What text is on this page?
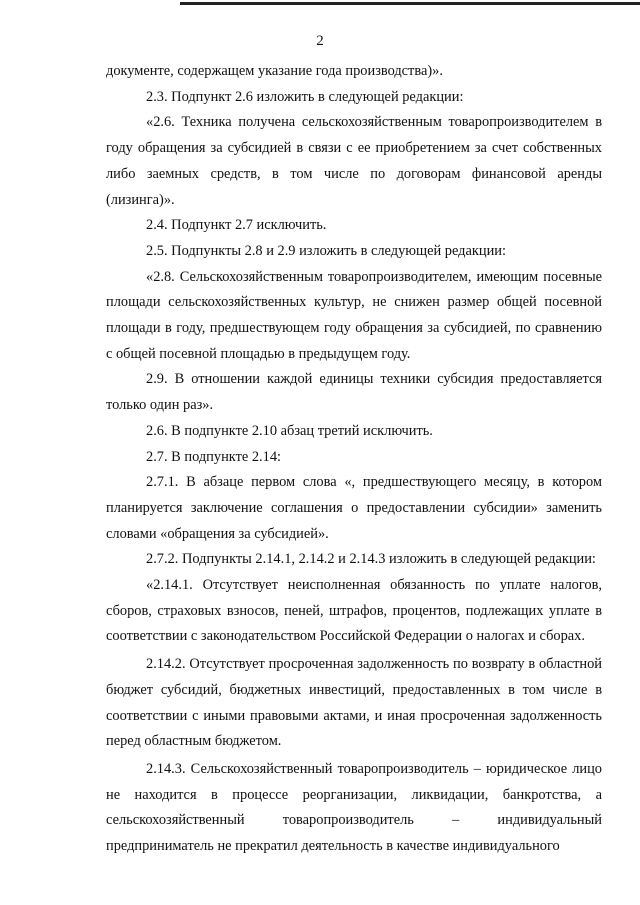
2

документе, содержащем указание года производства)».

2.3. Подпункт 2.6 изложить в следующей редакции:

«2.6. Техника получена сельскохозяйственным товаропроизводителем в году обращения за субсидией в связи с ее приобретением за счет собственных либо заемных средств, в том числе по договорам финансовой аренды (лизинга)».

2.4. Подпункт 2.7 исключить.

2.5. Подпункты 2.8 и 2.9 изложить в следующей редакции:

«2.8. Сельскохозяйственным товаропроизводителем, имеющим посевные площади сельскохозяйственных культур, не снижен размер общей посевной площади в году, предшествующем году обращения за субсидией, по сравнению с общей посевной площадью в предыдущем году.

2.9. В отношении каждой единицы техники субсидия предоставляется только один раз».

2.6. В подпункте 2.10 абзац третий исключить.

2.7. В подпункте 2.14:

2.7.1. В абзаце первом слова «, предшествующего месяцу, в котором планируется заключение соглашения о предоставлении субсидии» заменить словами «обращения за субсидией».

2.7.2. Подпункты 2.14.1, 2.14.2 и 2.14.3 изложить в следующей редакции:

«2.14.1. Отсутствует неисполненная обязанность по уплате налогов, сборов, страховых взносов, пеней, штрафов, процентов, подлежащих уплате в соответствии с законодательством Российской Федерации о налогах и сборах.

2.14.2. Отсутствует просроченная задолженность по возврату в областной бюджет субсидий, бюджетных инвестиций, предоставленных в том числе в соответствии с иными правовыми актами, и иная просроченная задолженность перед областным бюджетом.

2.14.3. Сельскохозяйственный товаропроизводитель – юридическое лицо не находится в процессе реорганизации, ликвидации, банкротства, а сельскохозяйственный товаропроизводитель – индивидуальный предприниматель не прекратил деятельность в качестве индивидуального
